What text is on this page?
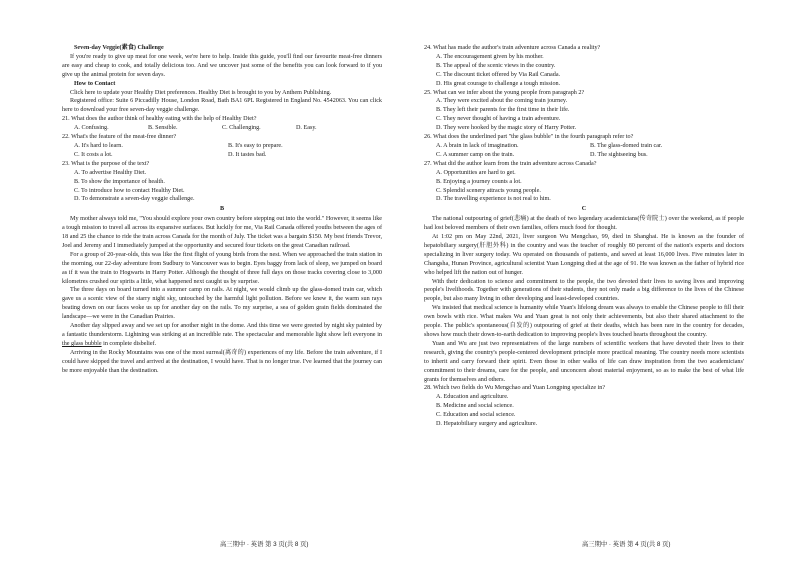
Seven-day Veggie(素食) Challenge

If you're ready to give up meat for one week, we're here to help. Inside this guide, you'll find our favourite meat-free dinners are easy and cheap to cook, and totally delicious too. And we uncover just some of the benefits you can look forward to if you give up the animal protein for seven days.

How to Contact

Click here to update your Healthy Diet preferences. Healthy Diet is brought to you by Anthem Publishing.

Registered office: Suite 6 Piccadilly House, London Road, Bath BA1 6PL Registered in England No. 4542063. You can click here to download your free seven-day veggie challenge.

21. What does the author think of healthy eating with the help of Healthy Diet?

A. Confusing.	B. Sensible.	C. Challenging.	D. Easy.

22. What's the feature of the meat-free dinner?

A. It's hard to learn.	B. It's easy to prepare.
C. It costs a lot.	D. It tastes bad.

23. What is the purpose of the text?

A. To advertise Healthy Diet.

B. To show the importance of health.

C. To introduce how to contact Healthy Diet.

D. To demonstrate a seven-day veggie challenge.

B

My mother always told me, "You should explore your own country before stepping out into the world." However, it seems like a tough mission to travel all across its expansive surfaces. But luckily for me, Via Rail Canada offered youths between the ages of 18 and 25 the chance to ride the train across Canada for the month of July. The ticket was a bargain $150. My best friends Trevor, Joel and Jeremy and I immediately jumped at the opportunity and secured four tickets on the great Canadian railroad.

For a group of 20-year-olds, this was like the first flight of young birds from the nest. When we approached the train station in the morning, our 22-day adventure from Sudbury to Vancouver was to begin. Eyes baggy from lack of sleep, we jumped on board as if it was the train to Hogwarts in Harry Potter. Although the thought of three full days on those tracks covering close to 3,000 kilometres crushed our spirits a little, what happened next caught us by surprise.

The three days on board turned into a summer camp on rails. At night, we would climb up the glass-domed train car, which gave us a scenic view of the starry night sky, untouched by the harmful light pollution. Before we knew it, the warm sun rays beating down on our faces woke us up for another day on the rails. To my surprise, a sea of golden grain fields dominated the landscape—we were in the Canadian Prairies.

Another day slipped away and we set up for another night in the dome. And this time we were greeted by night sky painted by a fantastic thunderstorm. Lightning was striking at an incredible rate. The spectacular and memorable light show left everyone in the glass bubble in complete disbelief.

Arriving in the Rocky Mountains was one of the most surreal(离奇的) experiences of my life. Before the train adventure, if I could have skipped the travel and arrived at the destination, I would have. That is no longer true. I've learned that the journey can be more enjoyable than the destination.

24. What has made the author's train adventure across Canada a reality?

A. The encouragement given by his mother.

B. The appeal of the scenic views in the country.

C. The discount ticket offered by Via Rail Canada.

D. His great courage to challenge a tough mission.

25. What can we infer about the young people from paragraph 2?

A. They were excited about the coming train journey.

B. They left their parents for the first time in their life.

C. They never thought of having a train adventure.

D. They were hooked by the magic story of Harry Potter.

26. What does the underlined part "the glass bubble" in the fourth paragraph refer to?

A. A brain in lack of imagination.	B. The glass-domed train car.
C. A summer camp on the train.	D. The sightseeing bus.

27. What did the author learn from the train adventure across Canada?

A. Opportunities are hard to get.

B. Enjoying a journey counts a lot.

C. Splendid scenery attracts young people.

D. The travelling experience is not real to him.

C

The national outpouring of grief(悲痛) at the death of two legendary academicians(传奇院士) over the weekend, as if people had lost beloved members of their own families, offers much food for thought.

At 1:02 pm on May 22nd, 2021, liver surgeon Wu Mengchao, 99, died in Shanghai. He is known as the founder of hepatobiliary surgery(肝胆外科) in the country and was the teacher of roughly 80 percent of the nation's experts and doctors specializing in liver surgery today. Wu operated on thousands of patients, and saved at least 16,000 lives. Five minutes later in Changsha, Hunan Province, agricultural scientist Yuan Longping died at the age of 91. He was known as the father of hybrid rice who helped lift the nation out of hunger.

With their dedication to science and commitment to the people, the two devoted their lives to saving lives and improving people's livelihoods. Together with generations of their students, they not only made a big difference to the lives of the Chinese people, but also many living in other developing and least-developed countries.

Wu insisted that medical science is humanity while Yuan's lifelong dream was always to enable the Chinese people to fill their own bowls with rice. What makes Wu and Yuan great is not only their achievements, but also their shared attachment to the people. The public's spontaneous(自发的) outpouring of grief at their deaths, which has been rare in the country for decades, shows how much their down-to-earth dedication to improving people's lives touched hearts throughout the country.

Yuan and Wu are just two representatives of the large numbers of scientific workers that have devoted their lives to their research, giving the country's people-centered development principle more practical meaning. The country needs more scientists to inherit and carry forward their spirit. Even those in other walks of life can draw inspiration from the two academicians' commitment to their dreams, care for the people, and unconcern about material enjoyment, so as to make the best of what life grants for themselves and others.

28. Which two fields do Wu Mengchao and Yuan Longping specialize in?

A. Education and agriculture.

B. Medicine and social science.

C. Education and social science.

D. Hepatobiliary surgery and agriculture.

高三期中 · 英语 第 3 页(共 8 页)	高三期中 · 英语 第 4 页(共 8 页)
